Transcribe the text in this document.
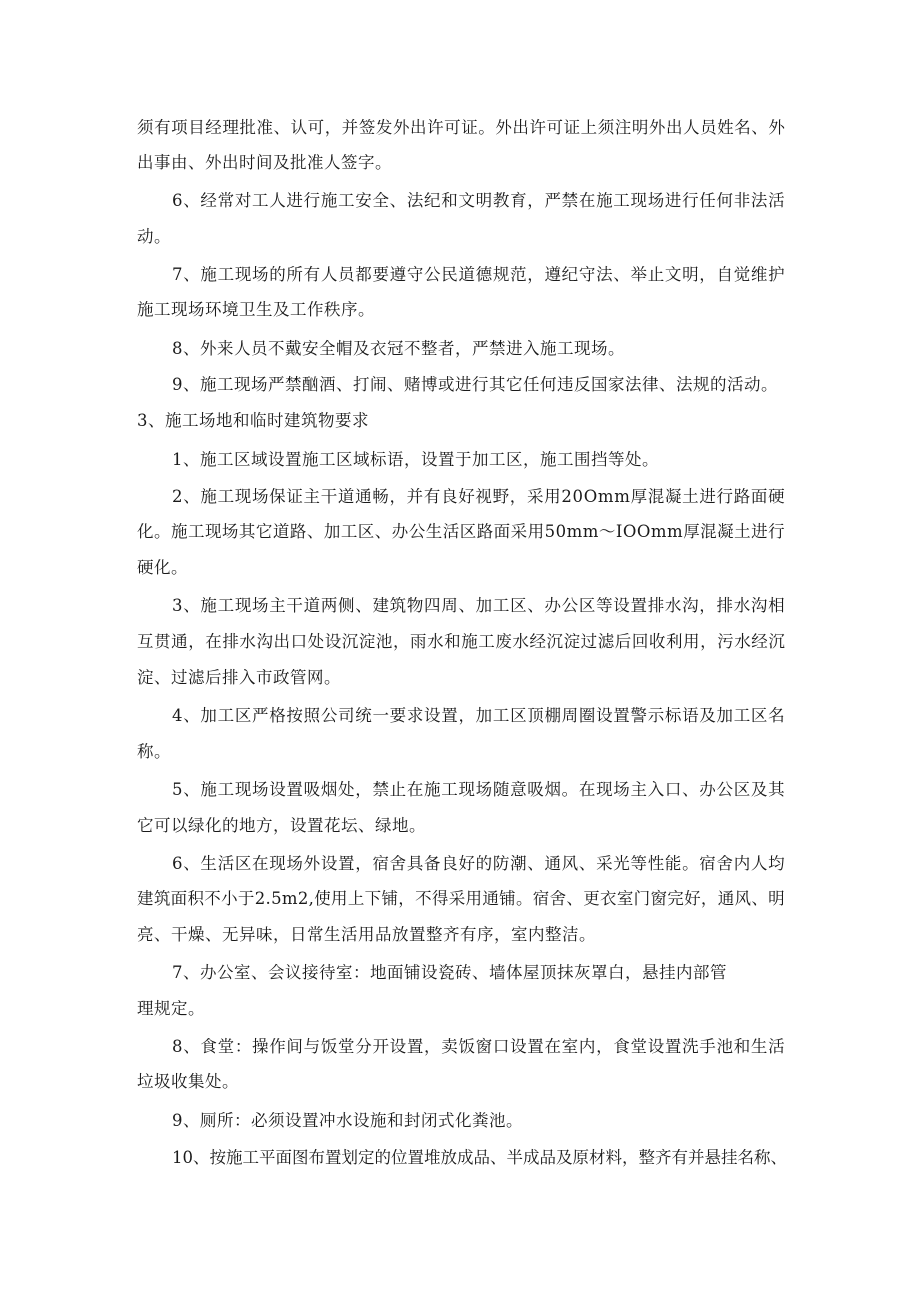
须 有 项 目 经 理 批 准 、 认 可 ， 并 签 发 外 出 许 可 证 。 外 出 许 可 证 上 须 注 明 外 出 人 员 姓 名 、 外
出事由、外出时间及批准人签字。
6 、 经 常 对 工 人 进 行 施 工 安 全 、 法 纪 和 文 明 教 育 ， 严 禁 在 施 工 现 场 进 行 任 何 非 法 活
动。
7 、 施 工 现 场 的 所 有 人 员 都 要 遵 守 公 民 道 德 规 范 ， 遵 纪 守 法 、 举 止 文 明 ， 自 觉 维 护
施工现场环境卫生及工作秩序。
8、外来人员不戴安全帽及衣冠不整者，严禁进入施工现场。
9、施工现场严禁酗酒、打闹、赌博或进行其它任何违反国家法律、法规的活动。
3、施工场地和临时建筑物要求
1、施工区域设置施工区域标语，设置于加工区，施工围挡等处。
2 、 施 工 现 场 保 证 主 干 道 通 畅 ， 并 有 良 好 视 野 ， 采 用 2 0 O m m 厚 混 凝 土 进 行 路 面 硬
化 。 施 工 现 场 其 它 道 路 、 加 工 区 、 办 公 生 活 区 路 面 采 用 5 0 m m ～ I O O m m 厚 混 凝 土 进 行
硬化。
3 、 施 工 现 场 主 干 道 两 侧 、 建 筑 物 四 周 、 加 工 区 、 办 公 区 等 设 置 排 水 沟 ， 排 水 沟 相
互 贯 通 ， 在 排 水 沟 出 口 处 设 沉 淀 池 ， 雨 水 和 施 工 废 水 经 沉 淀 过 滤 后 回 收 利 用 ， 污 水 经 沉
淀、过滤后排入市政管网。
4 、 加 工 区 严 格 按 照 公 司 统 一 要 求 设 置 ， 加 工 区 顶 棚 周 圈 设 置 警 示 标 语 及 加 工 区 名
称。
5 、 施 工 现 场 设 置 吸 烟 处 ， 禁 止 在 施 工 现 场 随 意 吸 烟 。 在 现 场 主 入 口 、 办 公 区 及 其
它可以绿化的地方，设置花坛、绿地。
6 、 生 活 区 在 现 场 外 设 置 ， 宿 舍 具 备 良 好 的 防 潮 、 通 风 、 采 光 等 性 能 。 宿 舍 内 人 均
建 筑 面 积 不 小 于 2 . 5 m 2 , 使 用 上 下 铺 ， 不 得 采 用 通 铺 。 宿 舍 、 更 衣 室 门 窗 完 好 ， 通 风 、 明
亮、干燥、无异味，日常生活用品放置整齐有序，室内整洁。
7、办公室、会议接待室：地面铺设瓷砖、墙体屋顶抹灰罩白，悬挂内部管
理规定。
8 、 食 堂 ： 操 作 间 与 饭 堂 分 开 设 置 ， 卖 饭 窗 口 设 置 在 室 内 ， 食 堂 设 置 洗 手 池 和 生 活
垃圾收集处。
9、厕所：必须设置冲水设施和封闭式化粪池。
1 0 、 按 施 工 平 面 图 布 置 划 定 的 位 置 堆 放 成 品 、 半 成 品 及 原 材 料 ， 整 齐 有 并 悬 挂 名 称 、
